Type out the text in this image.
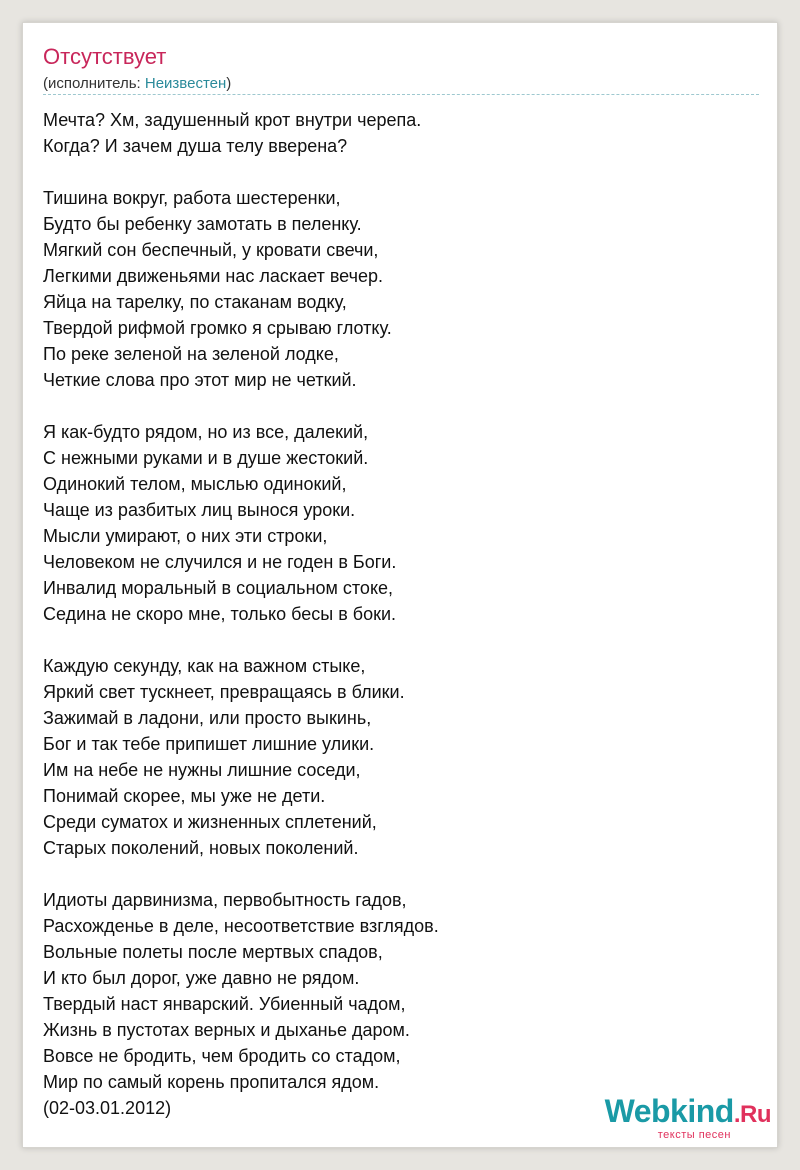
Отсутствует
(исполнитель: Неизвестен)
Мечта? Хм, задушенный крот внутри черепа.
Когда? И зачем душа телу вверена?
Тишина вокруг, работа шестеренки,
Будто бы ребенку замотать в пеленку.
Мягкий сон беспечный, у кровати свечи,
Легкими движеньями нас ласкает вечер.
Яйца на тарелку, по стаканам водку,
Твердой рифмой громко я срываю глотку.
По реке зеленой на зеленой лодке,
Четкие слова про этот мир не четкий.
Я как-будто рядом, но из все, далекий,
С нежными руками и в душе жестокий.
Одинокий телом, мыслью одинокий,
Чаще из разбитых лиц вынося уроки.
Мысли умирают, о них эти строки,
Человеком не случился и не годен в Боги.
Инвалид моральный в социальном стоке,
Седина не скоро мне, только бесы в боки.
Каждую секунду, как на важном стыке,
Яркий свет тускнеет, превращаясь в блики.
Зажимай в ладони, или просто выкинь,
Бог и так тебе припишет лишние улики.
Им на небе не нужны лишние соседи,
Понимай скорее, мы уже не дети.
Среди суматох и жизненных сплетений,
Старых поколений, новых поколений.
Идиоты дарвинизма, первобытность гадов,
Расхожденье в деле, несоответствие взглядов.
Вольные полеты после мертвых спадов,
И кто был дорог, уже давно не рядом.
Твердый наст январский. Убиенный чадом,
Жизнь в пустотах верных и дыханье даром.
Вовсе не бродить, чем бродить со стадом,
Мир по самый корень пропитался ядом.
(02-03.01.2012)	Webkind.Ru
тексты песен
